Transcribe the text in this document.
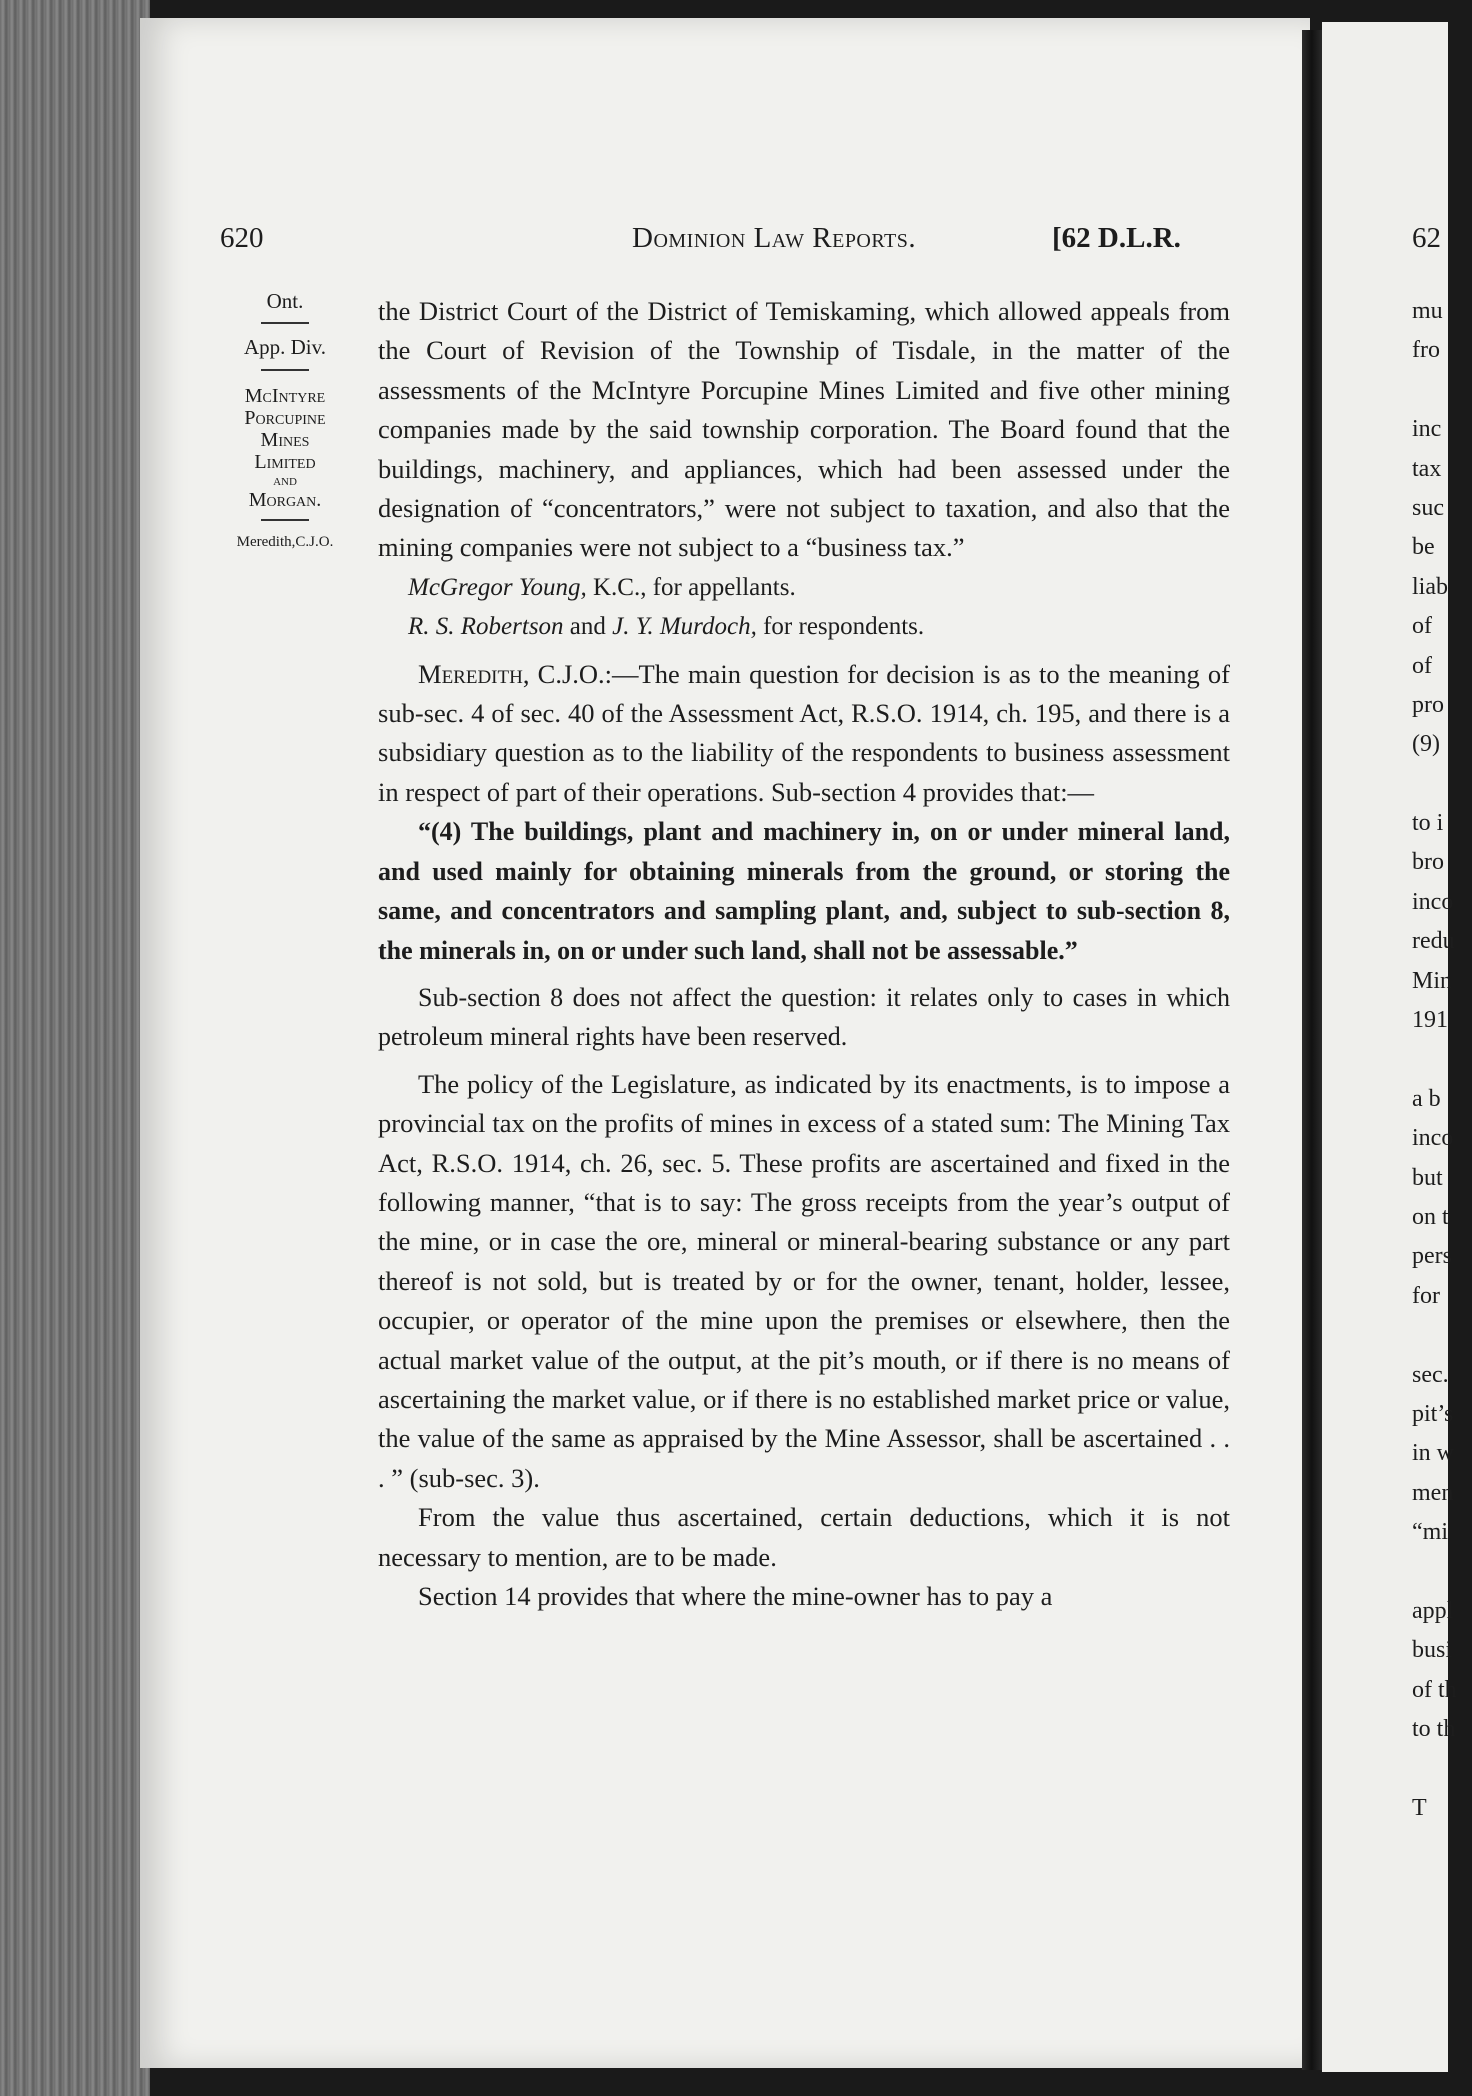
620	Dominion Law Reports.	[62 D.L.R.	62
Ont.
App. Div.
McIntyre
Porcupine
Mines
Limited
and
Morgan.
Meredith,C.J.O.

the District Court of the District of Temiskaming, which allowed appeals from the Court of Revision of the Township of Tisdale, in the matter of the assessments of the McIntyre Porcupine Mines Limited and five other mining companies made by the said township corporation. The Board found that the buildings, machinery, and appliances, which had been assessed under the designation of “concentrators,” were not subject to taxation, and also that the mining companies were not subject to a “business tax.”

McGregor Young, K.C., for appellants.

R. S. Robertson and J. Y. Murdoch, for respondents.

Meredith, C.J.O.:—The main question for decision is as to the meaning of sub-sec. 4 of sec. 40 of the Assessment Act, R.S.O. 1914, ch. 195, and there is a subsidiary question as to the liability of the respondents to business assessment in respect of part of their operations. Sub-section 4 provides that:—

“(4) The buildings, plant and machinery in, on or under mineral land, and used mainly for obtaining minerals from the ground, or storing the same, and concentrators and sampling plant, and, subject to sub-section 8, the minerals in, on or under such land, shall not be assessable.”

Sub-section 8 does not affect the question: it relates only to cases in which petroleum mineral rights have been reserved.

The policy of the Legislature, as indicated by its enactments, is to impose a provincial tax on the profits of mines in excess of a stated sum: The Mining Tax Act, R.S.O. 1914, ch. 26, sec. 5. These profits are ascertained and fixed in the following manner, “that is to say: The gross receipts from the year’s output of the mine, or in case the ore, mineral or mineral-bearing substance or any part thereof is not sold, but is treated by or for the owner, tenant, holder, lessee, occupier, or operator of the mine upon the premises or elsewhere, then the actual market value of the output, at the pit’s mouth, or if there is no means of ascertaining the market value, or if there is no established market price or value, the value of the same as appraised by the Mine Assessor, shall be ascertained . . . ” (sub-sec. 3).

From the value thus ascertained, certain deductions, which it is not necessary to mention, are to be made.

Section 14 provides that where the mine-owner has to pay a

mu
fro
inc
tax
suc
be
liab
of
of
pro
(9)
to i
bro
inco
redu
Min
191
a b
inco
but
on t
pers
for
sec.
pit’s
in w
men
“mi
appl
busi
of th
to th
T
